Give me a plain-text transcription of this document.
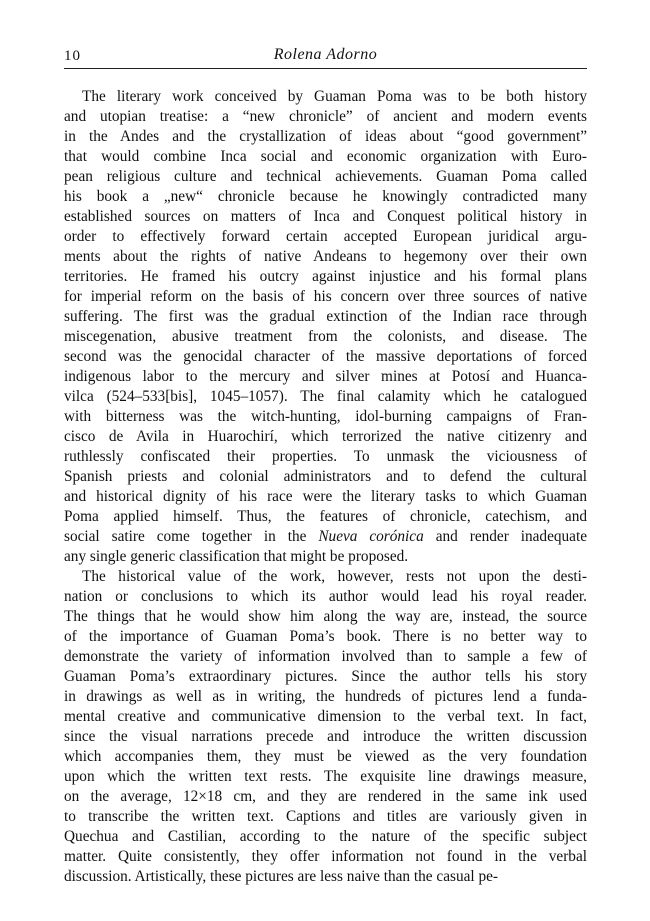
10	Rolena Adorno

The literary work conceived by Guaman Poma was to be both history
and utopian treatise: a “new chronicle” of ancient and modern events
in the Andes and the crystallization of ideas about “good government”
that would combine Inca social and economic organization with Euro-
pean religious culture and technical achievements. Guaman Poma called
his book a „new“ chronicle because he knowingly contradicted many
established sources on matters of Inca and Conquest political history in
order to effectively forward certain accepted European juridical argu-
ments about the rights of native Andeans to hegemony over their own
territories. He framed his outcry against injustice and his formal plans
for imperial reform on the basis of his concern over three sources of native
suffering. The first was the gradual extinction of the Indian race through
miscegenation, abusive treatment from the colonists, and disease. The
second was the genocidal character of the massive deportations of forced
indigenous labor to the mercury and silver mines at Potosí and Huanca-
vilca (524–533[bis], 1045–1057). The final calamity which he catalogued
with bitterness was the witch-hunting, idol-burning campaigns of Fran-
cisco de Avila in Huarochirí, which terrorized the native citizenry and
ruthlessly confiscated their properties. To unmask the viciousness of
Spanish priests and colonial administrators and to defend the cultural
and historical dignity of his race were the literary tasks to which Guaman
Poma applied himself. Thus, the features of chronicle, catechism, and
social satire come together in the Nueva corónica and render inadequate
any single generic classification that might be proposed.

The historical value of the work, however, rests not upon the desti-
nation or conclusions to which its author would lead his royal reader.
The things that he would show him along the way are, instead, the source
of the importance of Guaman Poma’s book. There is no better way to
demonstrate the variety of information involved than to sample a few of
Guaman Poma’s extraordinary pictures. Since the author tells his story
in drawings as well as in writing, the hundreds of pictures lend a funda-
mental creative and communicative dimension to the verbal text. In fact,
since the visual narrations precede and introduce the written discussion
which accompanies them, they must be viewed as the very foundation
upon which the written text rests. The exquisite line drawings measure,
on the average, 12×18 cm, and they are rendered in the same ink used
to transcribe the written text. Captions and titles are variously given in
Quechua and Castilian, according to the nature of the specific subject
matter. Quite consistently, they offer information not found in the verbal
discussion. Artistically, these pictures are less naive than the casual pe-
